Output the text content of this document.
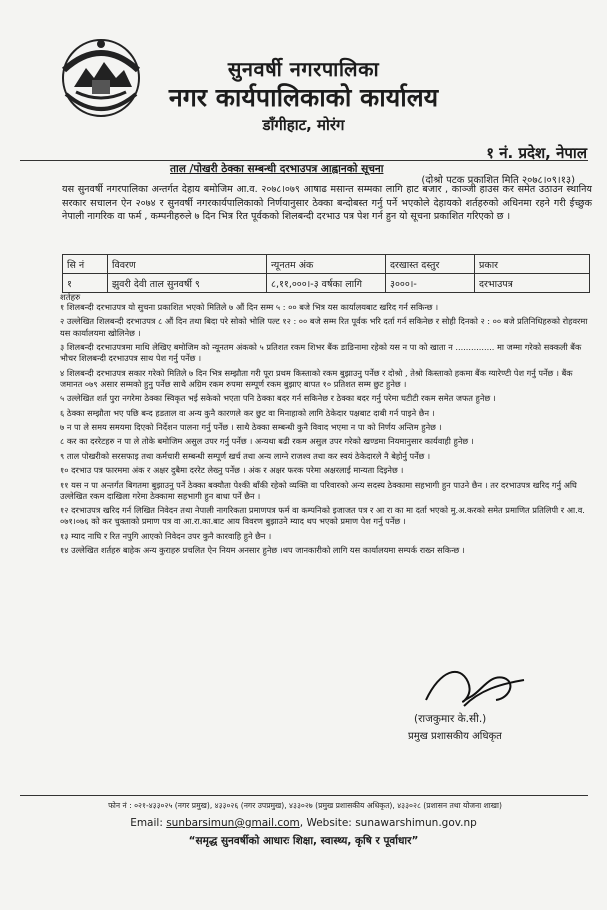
सुनवर्षी नगरपालिका
नगर कार्यपालिकाको कार्यालय
डाँगीहाट, मोरंग
१ नं. प्रदेश, नेपाल
ताल /पोखरी ठेक्का सम्बन्धी दरभाउपत्र आह्वानको सूचना
(दोश्रो पटक प्रकाशित मिति २०७८।०९।१३)
यस सुनवर्षी नगरपालिका अन्तर्गत देहाय बमोजिम आ.व. २०७८।०७९ आषाढ मसान्त सम्मका लागि हाट बजार , काञ्जी हाउस कर समेत उठाउन स्थानिय सरकार सचालन ऐन २०७४ र सुनवर्षी नगरकार्यपालिकाको निर्णयानुसार ठेक्का बन्दोबस्त गर्नु पर्ने भएकोले देहायको शर्तहरुको अधिनमा रहने गरी ईच्छुक नेपाली नागरिक वा फर्म , कम्पनीहरुले ७ दिन भित्र रित पूर्वकको शिलबन्दी दरभाउ पत्र पेश गर्न हुन यो सूचना प्रकाशित गरिएको छ ।
सि नं	विवरण	न्यूनतम अंक	दरखास्त दस्तुर	प्रकार
१	झुवरी देवी ताल सुनवर्षी ९	८,११,०००।-३ वर्षका लागि	३०००।-	दरभाउपत्र
शर्तहरु

१ शिलबन्दी दरभाउपत्र यो सुचना प्रकाशित भएको मितिले ७ औं दिन सम्म ५ : ०० बजे भित्र यस कार्यालयबाट खरिद गर्न सकिन्छ ।

२ उल्लेखित शिलबन्दी दरभाउपत्र ८ औं दिन तथा बिदा परे सोको भोलि पल्ट १२ : ०० बजे सम्म रित पूर्वक भरि दर्ता गर्न सकिनेछ र सोही दिनको २ : ०० बजे प्रतिनिधिहरुको रोहवरमा यस कार्यालयमा खोलिनेछ ।

३ शिलबन्दी दरभाउपत्रमा माथि लेखिए बमोजिम को न्यूनतम अंकको ५ प्रतिशत रकम शिभर बैंक डाङिनामा रहेको यस न पा को खाता न ............... मा जम्मा गरेको सक्कली बैंक भौचर शिलबन्दी दरभाउपत्र साथ पेश गर्नु पर्नेछ ।

४ शिलबन्दी दरभाउपत्र सकार गरेको मितिले ७ दिन भित्र सम्झौता गरी पूरा प्रथम किस्ताको रकम बुझाउनु पर्नेछ र दोश्रो , तेश्रो किस्ताको हकमा बैंक ग्यारेण्टी पेश गर्नु पर्नेछ । बैंक जमानत ०७९ असार सम्मको हुनु पर्नेछ साथै अग्रिम रकम रुपमा सम्पूर्ण रकम बुझाए बापत १० प्रतिशत सम्म छुट हुनेछ ।

५ उल्लेखित शर्त पुरा नगरेमा ठेक्का स्विकृत भई सकेको भएता पनि ठेक्का बदर गर्न सकिनेछ र ठेक्का बदर गर्नु परेमा घटीटी रकम समेत जफत हुनेछ ।

६ ठेक्का सम्झौता भए पछि बन्द हडताल वा अन्य कुनै कारणले कर छुट वा मिनाहाको लागि ठेकेदार पक्षबाट दाबी गर्न पाइने छैन ।

७ न पा ले समय समयमा दिएको निर्देशन पालना गर्नु पर्नेछ । साथै ठेक्का सम्बन्धी कुनै विवाद भएमा न पा को निर्णय अन्तिम हुनेछ ।

८ कर का दररेटहरु न पा ले तोके बमोजिम असुल उपर गर्नु पर्नेछ । अन्यथा बढी रकम असुल उपर गरेको खण्डमा नियमानुसार कार्यवाही हुनेछ ।

९ ताल पोखरीको सरसफाइ तथा कर्मचारी सम्बन्धी सम्पूर्ण खर्च तथा अन्य लाग्ने राजश्व तथा कर स्वयं ठेकेदारले नै बेहोर्नु पर्नेछ ।

१० दरभाउ पत्र फारममा अंक र अक्षर दुबैमा दररेट लेख्नु पर्नेछ । अंक र अक्षर फरक परेमा अक्षरलाई मान्यता दिइनेछ ।

११ यस न पा अन्तर्गत बिगतमा बुझाउनु पर्ने ठेक्का बक्यौता पेश्की बाँकी रहेको व्यक्ति वा परिवारको अन्य सदस्य ठेक्कामा सहभागी हुन पाउने छैन । तर दरभाउपत्र खरिद गर्नु अघि उल्लेखित रकम दाखिला गरेमा ठेक्कामा सहभागी हुन बाधा पर्ने छैन ।

१२ दरभाउपत्र खरिद गर्न लिखित निवेदन तथा नेपाली नागरिकता प्रमाणपत्र फर्म वा कम्पनिको इजाजत पत्र र आ रा का मा दर्ता भएको मु.अ.करको समेत प्रमाणित प्रतिलिपी र आ.व. ०७१।०७६ को कर चुक्ताको प्रमाण पत्र वा आ.रा.का.बाट आय विवरण बुझाउने म्याद थप भएको प्रमाण पेश गर्नु पर्नेछ ।

१३ म्याद नाघि र रित नपुगि आएको निवेदन उपर कुनै कारवाहि हुने छैन ।

१४ उल्लेखित शर्तहरु बाहेक अन्य कुराहरु प्रचलित ऐन नियम अनसार हुनेछ ।थप जानकारीको लागि यस कार्यालयमा सम्पर्क राख्न सकिन्छ ।

(राजकुमार के.सी.)
प्रमुख प्रशासकीय अधिकृत
फोन नं : ०२१-४३३०२५ (नगर प्रमुख), ४३३०२६ (नगर उपप्रमुख), ४३३०२७ (प्रमुख प्रशासकीय अधिकृत), ४३३०२८ (प्रशासन तथा योजना शाखा)
Email: sunbarsimun@gmail.com, Website: sunawarshimun.gov.np
“समृद्ध सुनवर्षीको आधारः शिक्षा, स्वास्थ्य, कृषि र पूर्वाधार”
